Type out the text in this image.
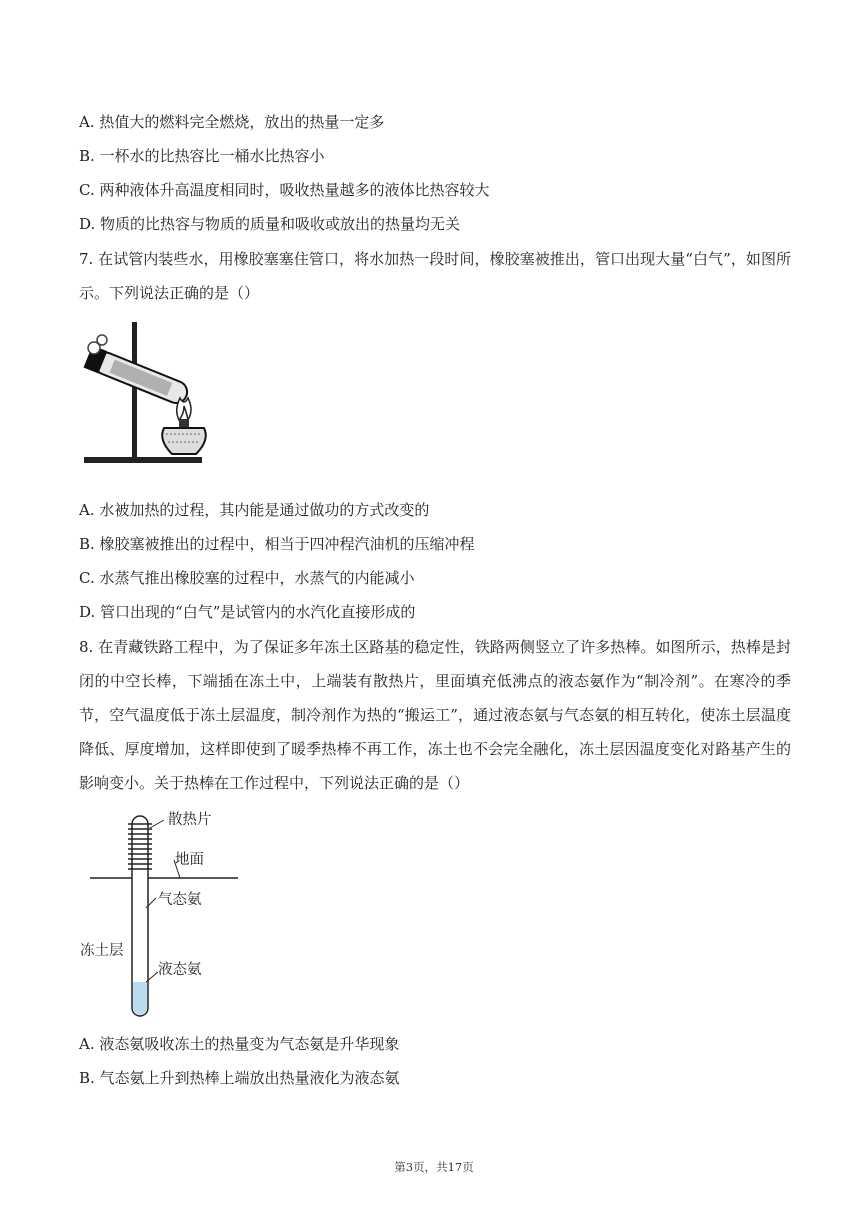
A. 热值大的燃料完全燃烧，放出的热量一定多
B. 一杯水的比热容比一桶水比热容小
C. 两种液体升高温度相同时，吸收热量越多的液体比热容较大
D. 物质的比热容与物质的质量和吸收或放出的热量均无关
7. 在试管内装些水，用橡胶塞塞住管口，将水加热一段时间，橡胶塞被推出，管口出现大量“白气”，如图所示。下列说法正确的是（）
A. 水被加热的过程，其内能是通过做功的方式改变的
B. 橡胶塞被推出的过程中，相当于四冲程汽油机的压缩冲程
C. 水蒸气推出橡胶塞的过程中，水蒸气的内能减小
D. 管口出现的“白气”是试管内的水汽化直接形成的
8. 在青藏铁路工程中，为了保证多年冻土区路基的稳定性，铁路两侧竖立了许多热棒。如图所示，热棒是封闭的中空长棒，下端插在冻土中，上端装有散热片，里面填充低沸点的液态氨作为“制冷剂”。在寒冷的季节，空气温度低于冻土层温度，制冷剂作为热的“搬运工”，通过液态氨与气态氨的相互转化，使冻土层温度降低、厚度增加，这样即使到了暖季热棒不再工作，冻土也不会完全融化，冻土层因温度变化对路基产生的影响变小。关于热棒在工作过程中，下列说法正确的是（）
散热片
地面
气态氨
冻土层
液态氨
A. 液态氨吸收冻土的热量变为气态氨是升华现象
B. 气态氨上升到热棒上端放出热量液化为液态氨
第3页，共17页
